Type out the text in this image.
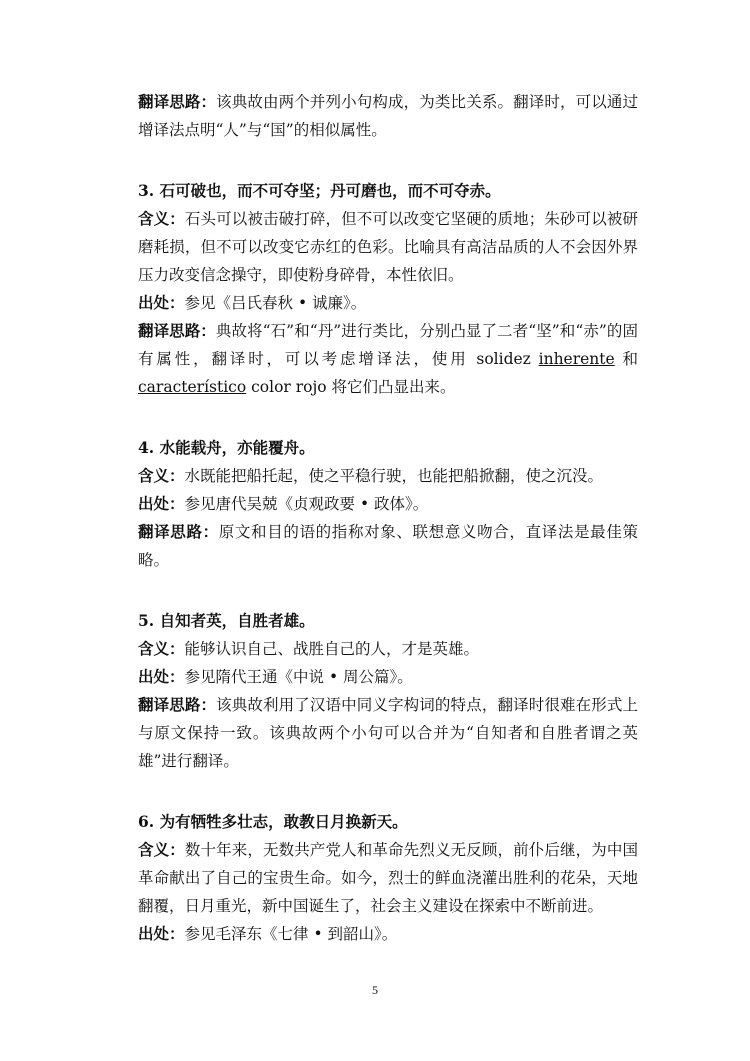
翻译思路：该典故由两个并列小句构成，为类比关系。翻译时，可以通过增译法点明“人”与“国”的相似属性。

3. 石可破也，而不可夺坚；丹可磨也，而不可夺赤。

含义：石头可以被击破打碎，但不可以改变它坚硬的质地；朱砂可以被研磨耗损，但不可以改变它赤红的色彩。比喻具有高洁品质的人不会因外界压力改变信念操守，即使粉身碎骨，本性依旧。

出处：参见《吕氏春秋 • 诚廉》。

翻译思路：典故将“石”和“丹”进行类比，分别凸显了二者“坚”和“赤”的固有属性，翻译时，可以考虑增译法，使用 solidez inherente 和 característico color rojo 将它们凸显出来。

4. 水能载舟，亦能覆舟。

含义：水既能把船托起，使之平稳行驶，也能把船掀翻，使之沉没。

出处：参见唐代吴兢《贞观政要 • 政体》。

翻译思路：原文和目的语的指称对象、联想意义吻合，直译法是最佳策略。

5. 自知者英，自胜者雄。

含义：能够认识自己、战胜自己的人，才是英雄。

出处：参见隋代王通《中说 • 周公篇》。

翻译思路：该典故利用了汉语中同义字构词的特点，翻译时很难在形式上与原文保持一致。该典故两个小句可以合并为“自知者和自胜者谓之英雄”进行翻译。

6. 为有牺牲多壮志，敢教日月换新天。

含义：数十年来，无数共产党人和革命先烈义无反顾，前仆后继，为中国革命献出了自己的宝贵生命。如今，烈士的鲜血浇灌出胜利的花朵，天地翻覆，日月重光，新中国诞生了，社会主义建设在探索中不断前进。

出处：参见毛泽东《七律 • 到韶山》。

5
